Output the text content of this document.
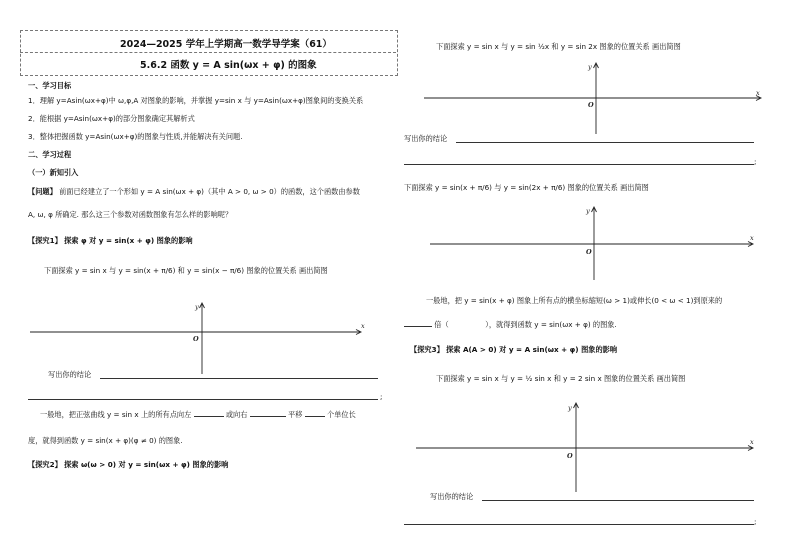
2024—2025 学年上学期高一数学导学案（61）
5.6.2 函数 y = A sin(ωx + φ) 的图象
一、学习目标
1．理解 y=Asin(ωx+φ)中 ω,φ,A 对图象的影响，并掌握 y=sin x 与 y=Asin(ωx+φ)图象间的变换关系
2．能根据 y=Asin(ωx+φ)的部分图象确定其解析式
3．整体把握函数 y=Asin(ωx+φ)的图象与性质,并能解决有关问题.
二、学习过程
（一）新知引入
【问题】 前面已经建立了一个形如 y = A sin(ωx + φ)（其中 A > 0, ω > 0）的函数，这个函数由参数
A, ω, φ 所确定. 那么这三个参数对函数图象有怎么样的影响呢？
【探究1】 探索 φ 对 y = sin(x + φ) 图象的影响
下面探索 y = sin x 与 y = sin(x + π/6) 和 y = sin(x − π/6) 图象的位置关系 画出简图
x
y
O
写出你的结论
;
一般地，把正弦曲线 y = sin x 上的所有点向左	或向右	平移	个单位长
度，就得到函数 y = sin(x + φ)(φ ≠ 0) 的图象.
【探究2】 探索 ω(ω > 0) 对 y = sin(ωx + φ) 图象的影响
下面探索 y = sin x 与 y = sin ½x 和 y = sin 2x 图象的位置关系 画出简图
x
y
O
写出你的结论
;
下面探索 y = sin(x + π/6) 与 y = sin(2x + π/6) 图象的位置关系 画出简图
x
y
O
一般地，把 y = sin(x + φ) 图象上所有点的横坐标缩短(ω > 1)或伸长(0 < ω < 1)到原来的
倍（	），就得到函数 y = sin(ωx + φ) 的图象.
【探究3】 探索 A(A > 0) 对 y = A sin(ωx + φ) 图象的影响
下面探索 y = sin x 与 y = ½ sin x 和 y = 2 sin x 图象的位置关系 画出简图
x
y
O
写出你的结论
;
